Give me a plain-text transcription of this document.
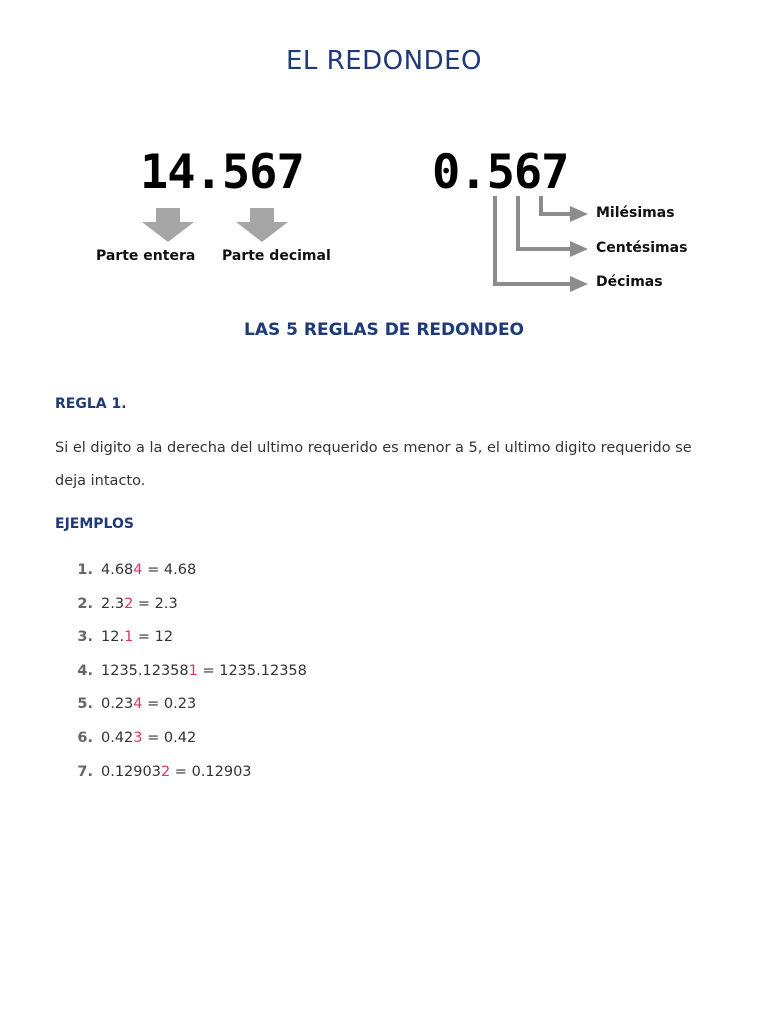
EL REDONDEO
14.567	0.567
Parte entera Parte decimal
Milésimas
Centésimas
Décimas
LAS 5 REGLAS DE REDONDEO
REGLA 1.
Si el digito a la derecha del ultimo requerido es menor a 5, el ultimo digito requerido se deja intacto.
EJEMPLOS
1. 4.684 = 4.68
2. 2.32 = 2.3
3. 12.1 = 12
4. 1235.123581 = 1235.12358
5. 0.234 = 0.23
6. 0.423 = 0.42
7. 0.129032 = 0.12903
